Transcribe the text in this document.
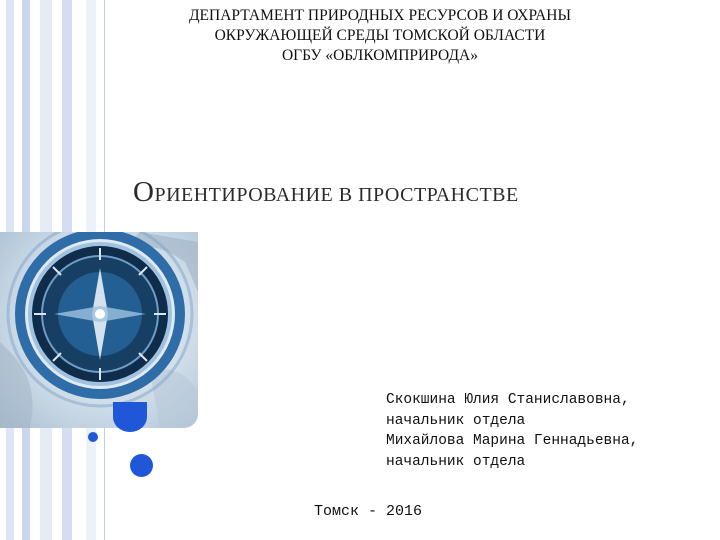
ДЕПАРТАМЕНТ ПРИРОДНЫХ РЕСУРСОВ И ОХРАНЫ
ОКРУЖАЮЩЕЙ СРЕДЫ ТОМСКОЙ ОБЛАСТИ
ОГБУ «ОБЛКОМПРИРОДА»
ОРИЕНТИРОВАНИЕ В ПРОСТРАНСТВЕ
Скокшина Юлия Станиславовна,
начальник отдела
Михайлова Марина Геннадьевна,
начальник отдела
Томск - 2016
